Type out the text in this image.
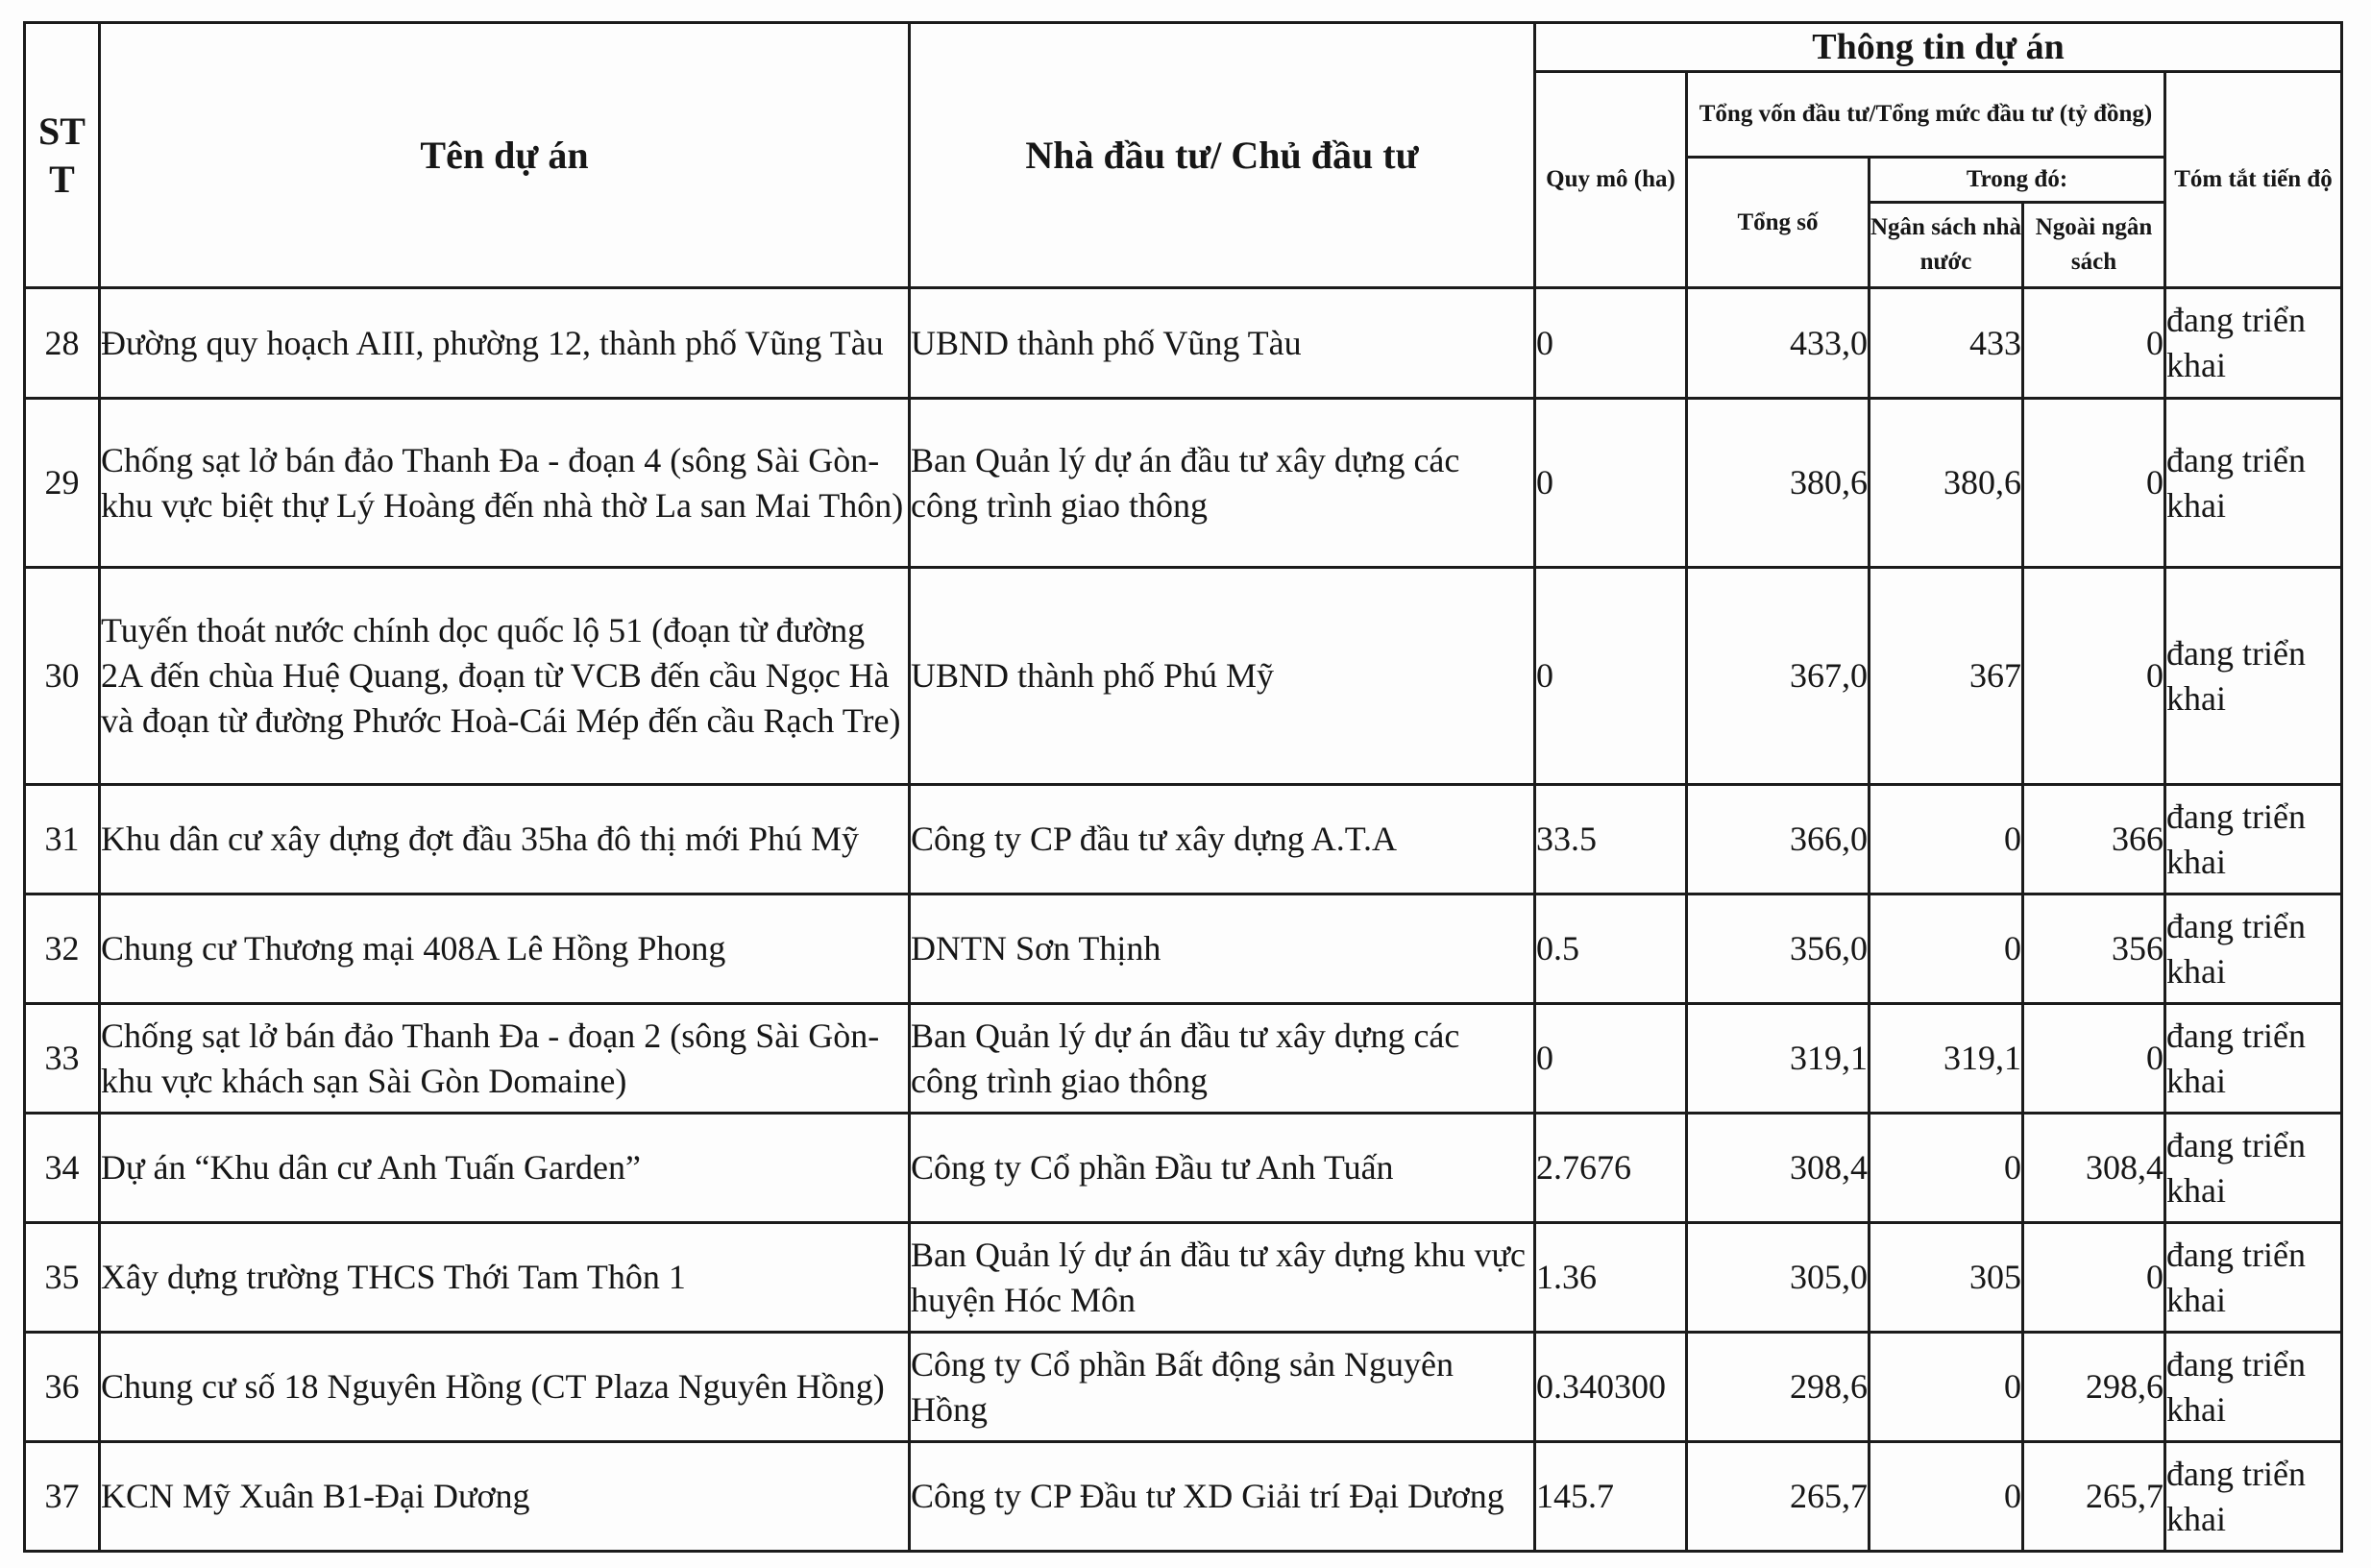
ST T	Tên dự án	Nhà đầu tư/ Chủ đầu tư	Thông tin dự án				
			Quy mô (ha)	Tổng vốn đầu tư/Tổng mức đầu tư (tỷ đồng)			Tóm tắt tiến độ
				Tổng số	Trong đó:		
					Ngân sách nhà nước	Ngoài ngân sách	
28	Đường quy hoạch AIII, phường 12, thành phố Vũng Tàu	UBND thành phố Vũng Tàu	0	433,0	433	0	đang triển khai
29	Chống sạt lở bán đảo Thanh Đa - đoạn 4 (sông Sài Gòn-khu vực biệt thự Lý Hoàng đến nhà thờ La san Mai Thôn)	Ban Quản lý dự án đầu tư xây dựng các công trình giao thông	0	380,6	380,6	0	đang triển khai
30	Tuyến thoát nước chính dọc quốc lộ 51 (đoạn từ đường 2A đến chùa Huệ Quang, đoạn từ VCB đến cầu Ngọc Hà và đoạn từ đường Phước Hoà-Cái Mép đến cầu Rạch Tre)	UBND thành phố Phú Mỹ	0	367,0	367	0	đang triển khai
31	Khu dân cư xây dựng đợt đầu 35ha đô thị mới Phú Mỹ	Công ty CP đầu tư xây dựng A.T.A	33.5	366,0	0	366	đang triển khai
32	Chung cư Thương mại 408A Lê Hồng Phong	DNTN Sơn Thịnh	0.5	356,0	0	356	đang triển khai
33	Chống sạt lở bán đảo Thanh Đa - đoạn 2 (sông Sài Gòn-khu vực khách sạn Sài Gòn Domaine)	Ban Quản lý dự án đầu tư xây dựng các công trình giao thông	0	319,1	319,1	0	đang triển khai
34	Dự án “Khu dân cư Anh Tuấn Garden”	Công ty Cổ phần Đầu tư Anh Tuấn	2.7676	308,4	0	308,4	đang triển khai
35	Xây dựng trường THCS Thới Tam Thôn 1	Ban Quản lý dự án đầu tư xây dựng khu vực huyện Hóc Môn	1.36	305,0	305	0	đang triển khai
36	Chung cư số 18 Nguyên Hồng (CT Plaza Nguyên Hồng)	Công ty Cổ phần Bất động sản Nguyên Hồng	0.340300	298,6	0	298,6	đang triển khai
37	KCN Mỹ Xuân B1-Đại Dương	Công ty CP Đầu tư XD Giải trí Đại Dương	145.7	265,7	0	265,7	đang triển khai
